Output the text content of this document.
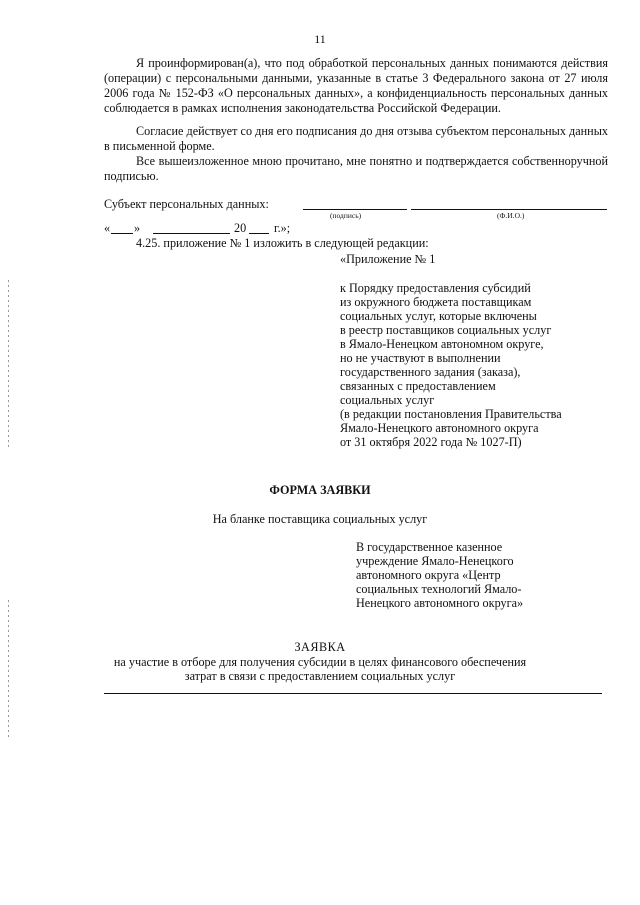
11

Я проинформирован(а), что под обработкой персональных данных понимаются действия (операции) с персональными данными, указанные в статье 3 Федерального закона от 27 июля 2006 года № 152-ФЗ «О персональных данных», а конфиденциальность персональных данных соблюдается в рамках исполнения законодательства Российской Федерации.

Согласие действует со дня его подписания до дня отзыва субъектом персональных данных в письменной форме.

Все вышеизложенное мною прочитано, мне понятно и подтверждается собственноручной подписью.

Субъект персональных данных:
(подпись)	(Ф.И.О.)
« »	20 г.»;
4.25. приложение № 1 изложить в следующей редакции:
«Приложение № 1
к Порядку предоставления субсидий
из окружного бюджета поставщикам
социальных услуг, которые включены
в реестр поставщиков социальных услуг
в Ямало-Ненецком автономном округе,
но не участвуют в выполнении
государственного задания (заказа),
связанных с предоставлением
социальных услуг
(в редакции постановления Правительства
Ямало-Ненецкого автономного округа
от 31 октября 2022 года № 1027-П)
ФОРМА ЗАЯВКИ
На бланке поставщика социальных услуг
В государственное казенное
учреждение Ямало-Ненецкого
автономного округа «Центр
социальных технологий Ямало-
Ненецкого автономного округа»
ЗАЯВКА
на участие в отборе для получения субсидии в целях финансового обеспечения
затрат в связи с предоставлением социальных услуг
